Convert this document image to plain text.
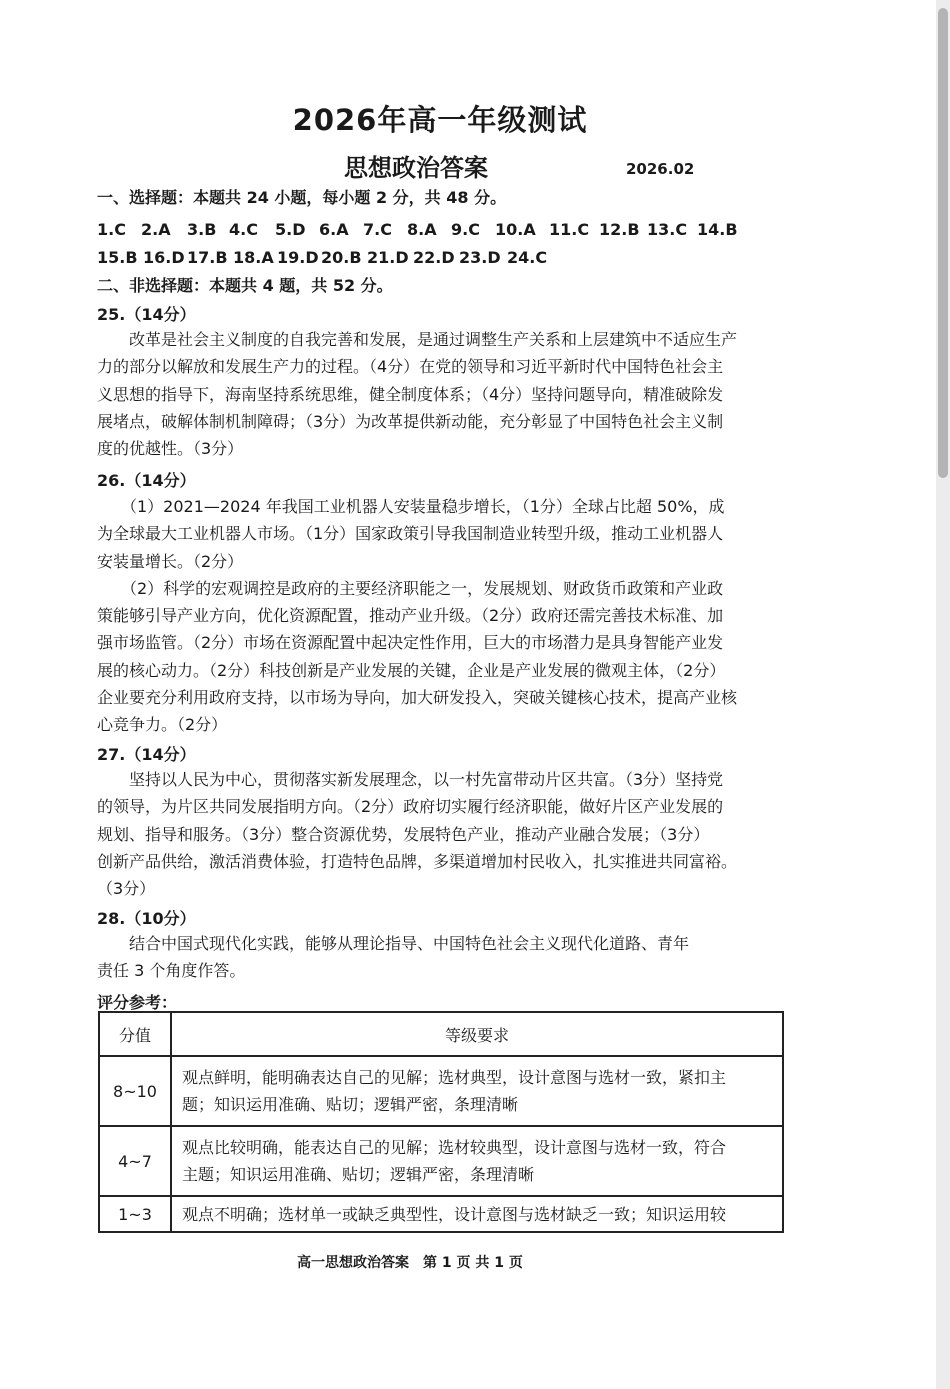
2026年高一年级测试
思想政治答案	2026.02
一、选择题：本题共 24 小题，每小题 2 分，共 48 分。
1.C 2.A 3.B 4.C 5.D 6.A 7.C 8.A 9.C 10.A 11.C 12.B 13.C 14.B
15.B 16.D 17.B 18.A 19.D 20.B 21.D 22.D 23.D 24.C
二、非选择题：本题共 4 题，共 52 分。
25.（14分）
　　改革是社会主义制度的自我完善和发展，是通过调整生产关系和上层建筑中不适应生产
力的部分以解放和发展生产力的过程。（4分）在党的领导和习近平新时代中国特色社会主
义思想的指导下，海南坚持系统思维，健全制度体系；（4分）坚持问题导向，精准破除发
展堵点，破解体制机制障碍；（3分）为改革提供新动能，充分彰显了中国特色社会主义制
度的优越性。（3分）
26.（14分）
　　（1）2021—2024 年我国工业机器人安装量稳步增长，（1分）全球占比超 50%，成
为全球最大工业机器人市场。（1分）国家政策引导我国制造业转型升级，推动工业机器人
安装量增长。（2分）
　　（2）科学的宏观调控是政府的主要经济职能之一，发展规划、财政货币政策和产业政
策能够引导产业方向，优化资源配置，推动产业升级。（2分）政府还需完善技术标准、加
强市场监管。（2分）市场在资源配置中起决定性作用，巨大的市场潜力是具身智能产业发
展的核心动力。（2分）科技创新是产业发展的关键，企业是产业发展的微观主体，（2分）
企业要充分利用政府支持，以市场为导向，加大研发投入，突破关键核心技术，提高产业核
心竞争力。（2分）
27.（14分）
　　坚持以人民为中心，贯彻落实新发展理念，以一村先富带动片区共富。（3分）坚持党
的领导，为片区共同发展指明方向。（2分）政府切实履行经济职能，做好片区产业发展的
规划、指导和服务。（3分）整合资源优势，发展特色产业，推动产业融合发展；（3分）
创新产品供给，激活消费体验，打造特色品牌，多渠道增加村民收入，扎实推进共同富裕。
（3分）
28.（10分）
　　结合中国式现代化实践，能够从理论指导、中国特色社会主义现代化道路、青年
责任 3 个角度作答。
评分参考：
分值	等级要求
8~10	观点鲜明，能明确表达自己的见解；选材典型，设计意图与选材一致，紧扣主
题；知识运用准确、贴切；逻辑严密，条理清晰

4~7	观点比较明确，能表达自己的见解；选材较典型，设计意图与选材一致，符合
主题；知识运用准确、贴切；逻辑严密，条理清晰

1~3	观点不明确；选材单一或缺乏典型性，设计意图与选材缺乏一致；知识运用较
高一思想政治答案　第 1 页 共 1 页
